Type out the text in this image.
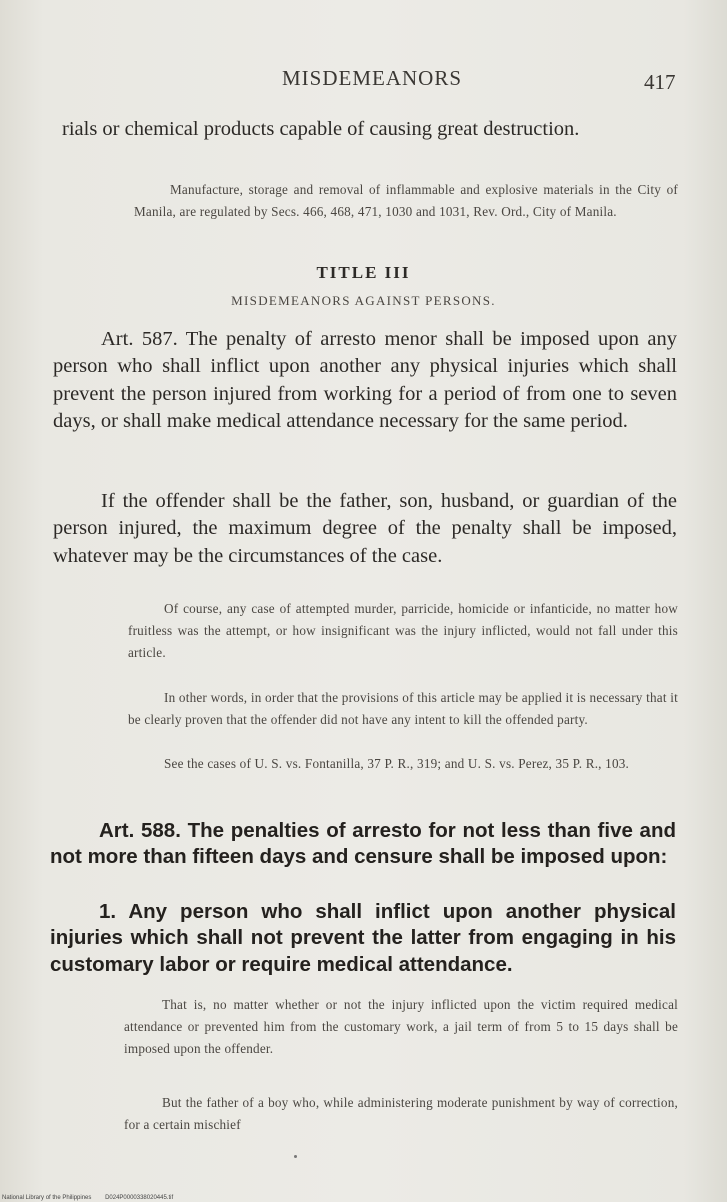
MISDEMEANORS	417

rials or chemical products capable of causing great destruction.

Manufacture, storage and removal of inflammable and explosive materials in the City of Manila, are regulated by Secs. 466, 468, 471, 1030 and 1031, Rev. Ord., City of Manila.

TITLE III
MISDEMEANORS AGAINST PERSONS.

Art. 587. The penalty of arresto menor shall be imposed upon any person who shall inflict upon another any physical injuries which shall prevent the person injured from working for a period of from one to seven days, or shall make medical attendance necessary for the same period.

If the offender shall be the father, son, husband, or guardian of the person injured, the maximum degree of the penalty shall be imposed, whatever may be the circumstances of the case.

Of course, any case of attempted murder, parricide, homicide or infanticide, no matter how fruitless was the attempt, or how insignificant was the injury inflicted, would not fall under this article.

In other words, in order that the provisions of this article may be applied it is necessary that it be clearly proven that the offender did not have any intent to kill the offended party.

See the cases of U. S. vs. Fontanilla, 37 P. R., 319; and U. S. vs. Perez, 35 P. R., 103.

Art. 588. The penalties of arresto for not less than five and not more than fifteen days and censure shall be imposed upon:

1. Any person who shall inflict upon another physical injuries which shall not prevent the latter from engaging in his customary labor or require medical attendance.

That is, no matter whether or not the injury inflicted upon the victim required medical attendance or prevented him from the customary work, a jail term of from 5 to 15 days shall be imposed upon the offender.

But the father of a boy who, while administering moderate punishment by way of correction, for a certain mischief

National Library of the Philippines D024P0000338020445.tif
